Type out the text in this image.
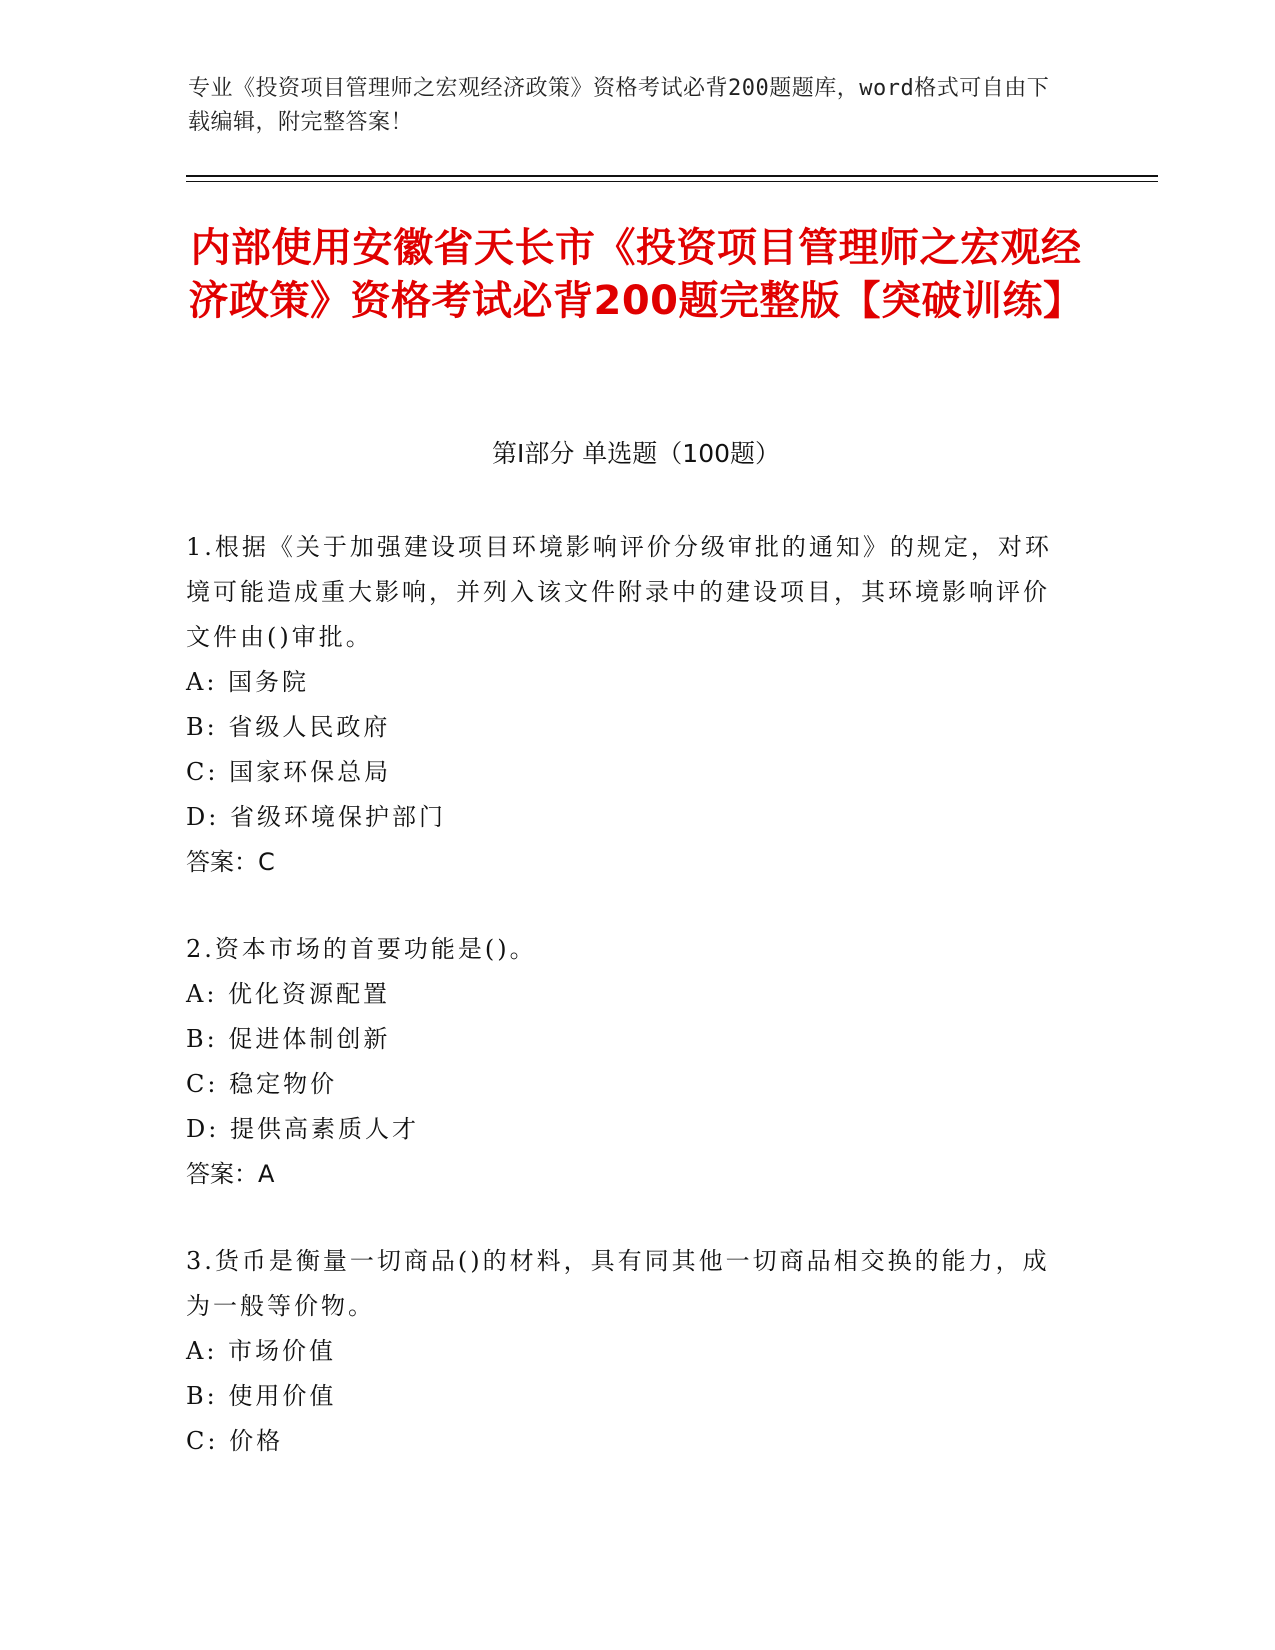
专业《投资项目管理师之宏观经济政策》资格考试必背200题题库，word格式可自由下载编辑，附完整答案！
内部使用安徽省天长市《投资项目管理师之宏观经济政策》资格考试必背200题完整版【突破训练】
第Ⅰ部分 单选题（100题）
1.根据《关于加强建设项目环境影响评价分级审批的通知》的规定，对环境可能造成重大影响，并列入该文件附录中的建设项目，其环境影响评价文件由()审批。
A: 国务院
B: 省级人民政府
C: 国家环保总局
D: 省级环境保护部门
答案：C
2.资本市场的首要功能是()。
A: 优化资源配置
B: 促进体制创新
C: 稳定物价
D: 提供高素质人才
答案：A
3.货币是衡量一切商品()的材料，具有同其他一切商品相交换的能力，成为一般等价物。
A: 市场价值
B: 使用价值
C: 价格
